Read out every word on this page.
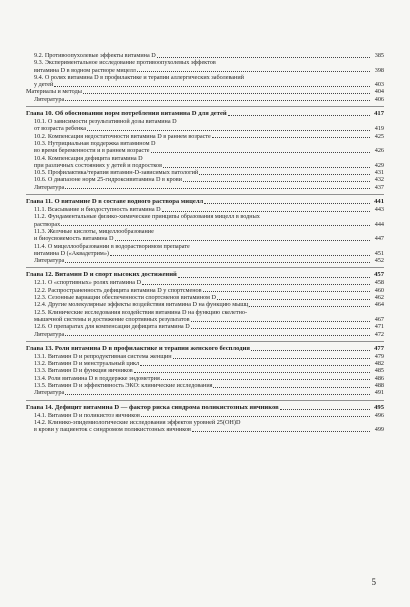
9.2. Противоопухолевые эффекты витамина D	385
9.3. Экспериментальное исследование противоопухолевых эффектов
витамина D в водном растворе мицелл	398
9.4. О ролях витамина D в профилактике и терапии аллергических заболеваний
у детей	403
Материалы и методы	404
Литература	406
Глава 10. Об обосновании норм потребления витамина D для детей	417
10.1. О зависимости результативной дозы витамина D
от возраста ребенка	419
10.2. Компенсация недостаточности витамина D в раннем возрасте	425
10.3. Нутрициальная поддержка витамином D
во время беременности и в раннем возрасте	426
10.4. Компенсация дефицита витамина D
при различных состояниях у детей и подростков	429
10.5. Профилактика/терапия витамин-D-зависимых патологий	431
10.6. О диапазоне норм 25-гидроксивитамина D в крови	432
Литература	437
Глава 11. О витамине D в составе водного раствора мицелл	441
11.1. Всасывание и биодоступность витамина D	443
11.2. Фундаментальные физико-химические принципы образования мицелл в водных
растворах	444
11.3. Желчные кислоты, мицеллообразование
и биоусвояемость витамина D	447
11.4. О мицеллообразовании в водорастворимом препарате
витамина D («Аквадетрим»)	451
Литература	452
Глава 12. Витамин D и спорт высоких достижений	457
12.1. О «спортивных» ролях витамина D	458
12.2. Распространенность дефицита витамина D у спортсменов	460
12.3. Сезонные вариации обеспеченности спортсменов витамином D	462
12.4. Другие молекулярные эффекты воздействия витамина D на функцию мышц	464
12.5. Клинические исследования воздействия витамина D на функцию скелетно-
мышечной системы и достижение спортивных результатов	467
12.6. О препаратах для компенсации дефицита витамина D	471
Литература	472
Глава 13. Роли витамина D в профилактике и терапии женского бесплодия	477
13.1. Витамин D и репродуктивная система женщин	479
13.2. Витамин D и менструальный цикл	482
13.3. Витамин D и функция яичников	485
13.4. Роли витамина D в поддержке эндометрия	486
13.5. Витамин D и эффективность ЭКО: клинические исследования	488
Литература	491
Глава 14. Дефицит витамина D — фактор риска синдрома поликистозных яичников	495
14.1. Витамин D и поликистоз яичников	496
14.2. Клинико-эпидемиологические исследования эффектов уровней 25(OH)D
в крови у пациенток с синдромом поликистозных яичников	499
5
